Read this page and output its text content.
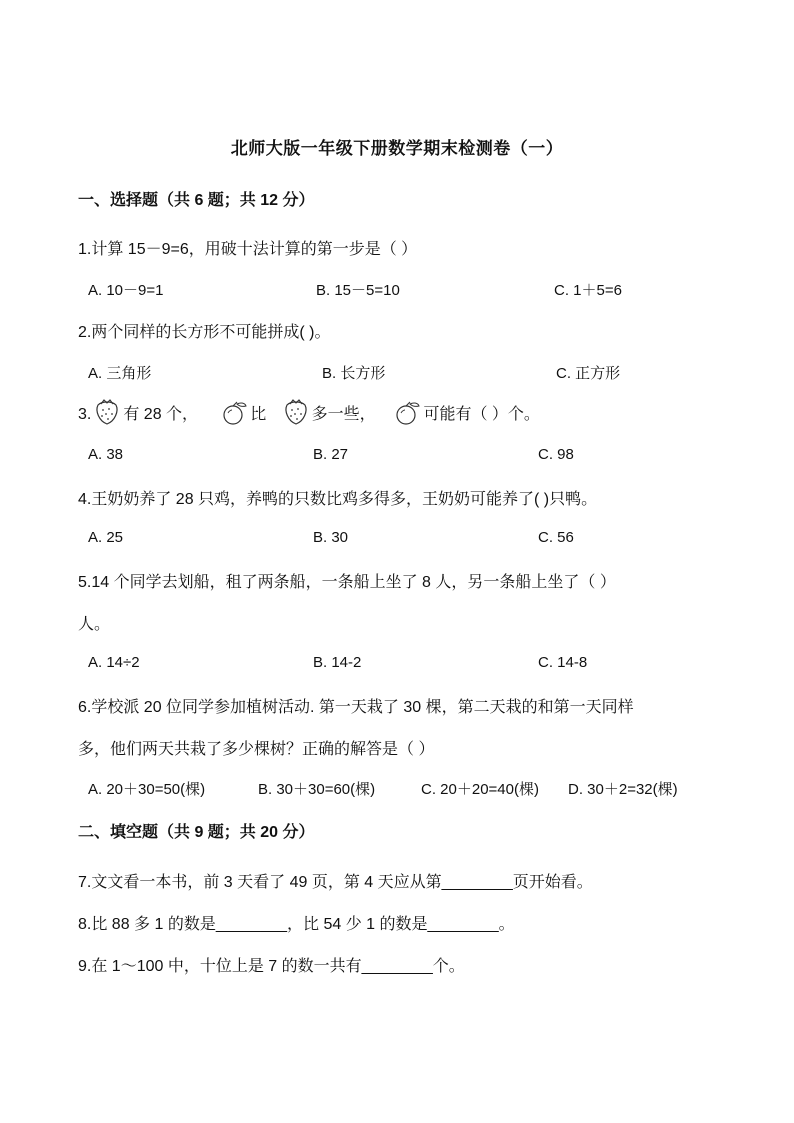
北师大版一年级下册数学期末检测卷（一）
一、选择题（共 6 题；共 12 分）
1.计算 15－9=6，用破十法计算的第一步是（ ）
A. 10－9=1	B. 15－5=10	C. 1＋5=6
2.两个同样的长方形不可能拼成( )。
A. 三角形	B. 长方形	C. 正方形
3. 有 28 个，	比	多一些，	可能有（ ）个。
A. 38	B. 27	C. 98
4.王奶奶养了 28 只鸡，养鸭的只数比鸡多得多，王奶奶可能养了( )只鸭。
A. 25	B. 30	C. 56
5.14 个同学去划船，租了两条船，一条船上坐了 8 人，另一条船上坐了（ ）
人。
A. 14÷2	B. 14-2	C. 14-8
6.学校派 20 位同学参加植树活动. 第一天栽了 30 棵，第二天栽的和第一天同样
多，他们两天共栽了多少棵树？正确的解答是（ ）
A. 20＋30=50(棵)	B. 30＋30=60(棵)	C. 20＋20=40(棵) D. 30＋2=32(棵)
二、填空题（共 9 题；共 20 分）
7.文文看一本书，前 3 天看了 49 页，第 4 天应从第________页开始看。
8.比 88 多 1 的数是________，比 54 少 1 的数是________。
9.在 1～100 中，十位上是 7 的数一共有________个。
